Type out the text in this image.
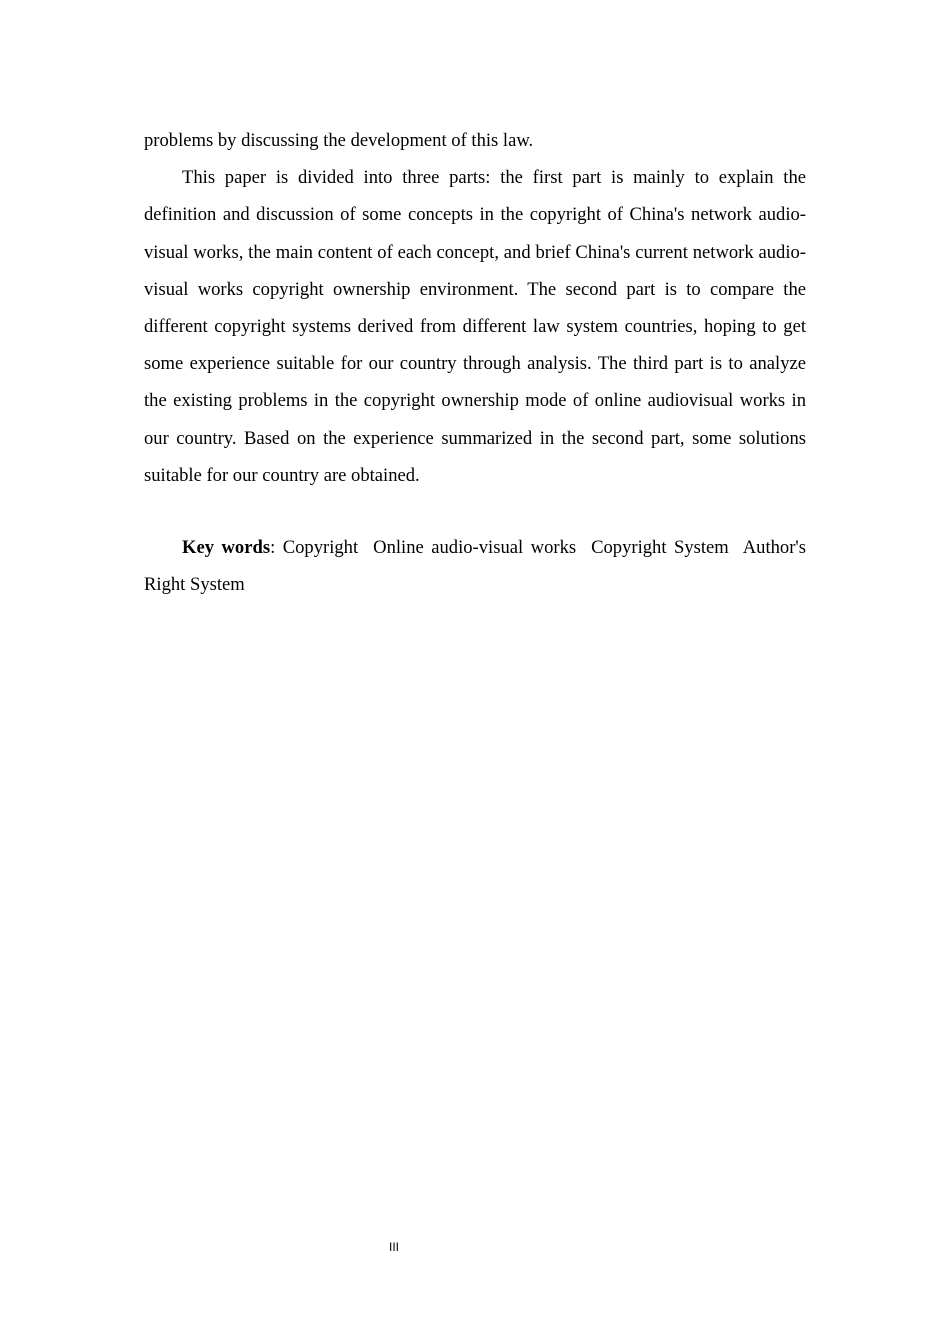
problems by discussing the development of this law.

This paper is divided into three parts: the first part is mainly to explain the definition and discussion of some concepts in the copyright of China's network audio-visual works, the main content of each concept, and brief China's current network audio-visual works copyright ownership environment. The second part is to compare the different copyright systems derived from different law system countries, hoping to get some experience suitable for our country through analysis. The third part is to analyze the existing problems in the copyright ownership mode of online audiovisual works in our country. Based on the experience summarized in the second part, some solutions suitable for our country are obtained.

Key words: Copyright Online audio-visual works Copyright System Author's Right System

III
